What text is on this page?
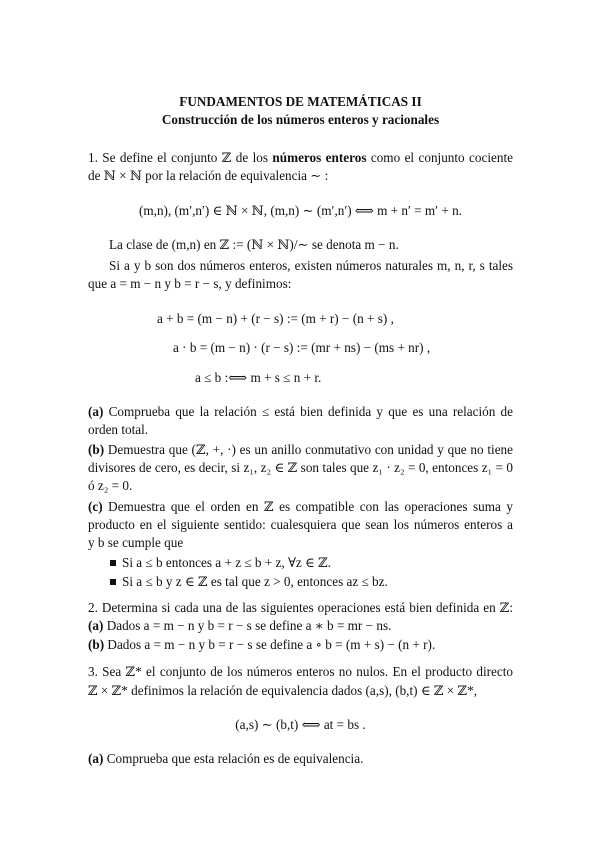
FUNDAMENTOS DE MATEMÁTICAS II
Construcción de los números enteros y racionales
1. Se define el conjunto ℤ de los números enteros como el conjunto cociente
de ℕ × ℕ por la relación de equivalencia ∼ :
(m,n), (m′,n′) ∈ ℕ × ℕ, (m,n) ∼ (m′,n′) ⟺ m + n′ = m′ + n.
La clase de (m,n) en ℤ := (ℕ × ℕ)/∼ se denota m − n.
Si a y b son dos números enteros, existen números naturales m, n, r, s tales
que a = m − n y b = r − s, y definimos:
a + b = (m − n) + (r − s) := (m + r) − (n + s) ,
a · b = (m − n) · (r − s) := (mr + ns) − (ms + nr) ,
a ≤ b :⟺ m + s ≤ n + r.
(a) Comprueba que la relación ≤ está bien definida y que es una relación de
orden total.
(b) Demuestra que (ℤ, +, ·) es un anillo conmutativo con unidad y que no tiene
divisores de cero, es decir, si z₁, z₂ ∈ ℤ son tales que z₁ · z₂ = 0, entonces z₁ = 0
ó z₂ = 0.
(c) Demuestra que el orden en ℤ es compatible con las operaciones suma y
producto en el siguiente sentido: cualesquiera que sean los números enteros a
y b se cumple que
Si a ≤ b entonces a + z ≤ b + z, ∀z ∈ ℤ.
Si a ≤ b y z ∈ ℤ es tal que z > 0, entonces az ≤ bz.
2. Determina si cada una de las siguientes operaciones está bien definida en ℤ:
(a) Dados a = m − n y b = r − s se define a ∗ b = mr − ns.
(b) Dados a = m − n y b = r − s se define a ∘ b = (m + s) − (n + r).
3. Sea ℤ* el conjunto de los números enteros no nulos. En el producto directo
ℤ × ℤ* definimos la relación de equivalencia dados (a,s), (b,t) ∈ ℤ × ℤ*,
(a,s) ∼ (b,t) ⟺ at = bs .
(a) Comprueba que esta relación es de equivalencia.
